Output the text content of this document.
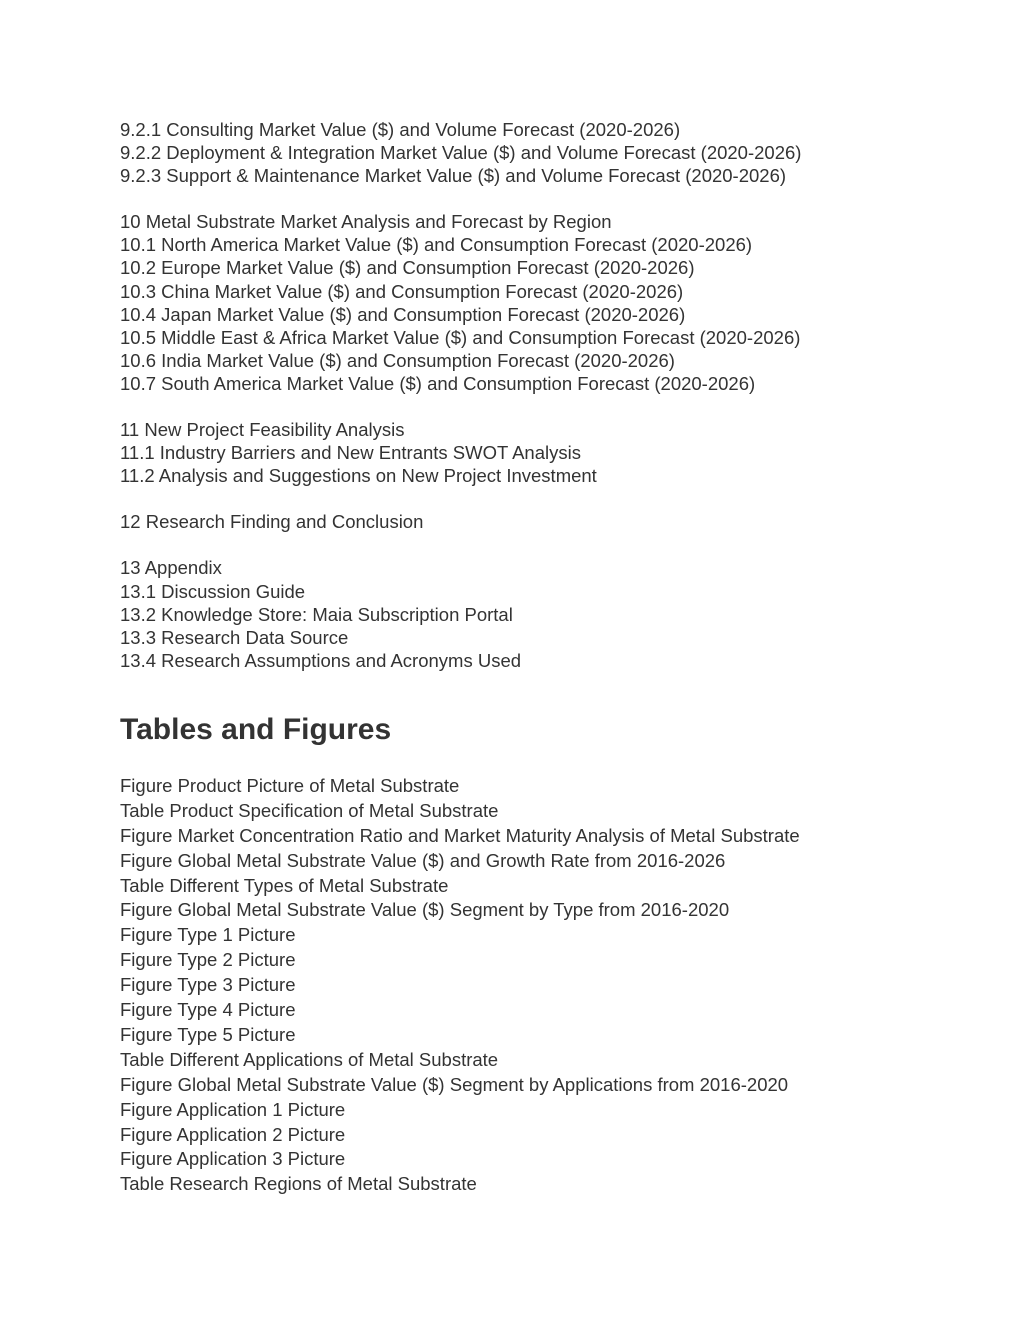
9.2.1 Consulting Market Value ($) and Volume Forecast (2020-2026)

9.2.2 Deployment & Integration Market Value ($) and Volume Forecast (2020-2026)

9.2.3 Support & Maintenance Market Value ($) and Volume Forecast (2020-2026)

10 Metal Substrate Market Analysis and Forecast by Region

10.1 North America Market Value ($) and Consumption Forecast (2020-2026)

10.2 Europe Market Value ($) and Consumption Forecast (2020-2026)

10.3 China Market Value ($) and Consumption Forecast (2020-2026)

10.4 Japan Market Value ($) and Consumption Forecast (2020-2026)

10.5 Middle East & Africa Market Value ($) and Consumption Forecast (2020-2026)

10.6 India Market Value ($) and Consumption Forecast (2020-2026)

10.7 South America Market Value ($) and Consumption Forecast (2020-2026)

11 New Project Feasibility Analysis

11.1 Industry Barriers and New Entrants SWOT Analysis

11.2 Analysis and Suggestions on New Project Investment

12 Research Finding and Conclusion

13 Appendix

13.1 Discussion Guide

13.2 Knowledge Store: Maia Subscription Portal

13.3 Research Data Source

13.4 Research Assumptions and Acronyms Used

Tables and Figures

Figure Product Picture of Metal Substrate

Table Product Specification of Metal Substrate

Figure Market Concentration Ratio and Market Maturity Analysis of Metal Substrate

Figure Global Metal Substrate Value ($) and Growth Rate from 2016-2026

Table Different Types of Metal Substrate

Figure Global Metal Substrate Value ($) Segment by Type from 2016-2020

Figure Type 1 Picture

Figure Type 2 Picture

Figure Type 3 Picture

Figure Type 4 Picture

Figure Type 5 Picture

Table Different Applications of Metal Substrate

Figure Global Metal Substrate Value ($) Segment by Applications from 2016-2020

Figure Application 1 Picture

Figure Application 2 Picture

Figure Application 3 Picture

Table Research Regions of Metal Substrate
